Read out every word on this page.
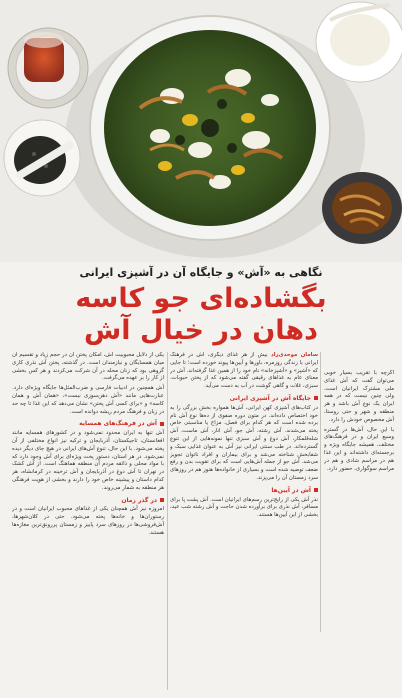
نگاهی به «آش» و جایگاه آن در آشپزی ایرانی
بگشاده‌ای جو کاسه
دهان در خیال آش

اگرچه با تقریب بسیار خوبی می‌توان گفت که آش غذای ملی مشترک ایرانیان است، ولی چنین نیست که در همه ایران یک نوع آش باشد و هر منطقه و شهر و حتی روستا، آش مخصوص خودش را دارد.

با این حال، آش‌ها در گستره وسیع ایران و در فرهنگ‌های مختلف، همیشه جایگاه ویژه و برجسته‌ای داشته‌اند و این غذا هم در مراسم شادی و هم در مراسم سوگواری، حضور دارد.

سامان موحدی‌راد بیش از هر غذای دیگری، آش در فرهنگ ایرانی با زندگی روزمره، باورها و آیین‌ها پیوند خورده است؛ تا جایی که «آشپز» و «آشپزخانه» نام خود را از همین غذا گرفته‌اند. آش در معنای عام به غذاهای رقیقی گفته می‌شود که از پختن حبوبات، سبزی، غلات و گاهی گوشت در آب به دست می‌آید.

جایگاه آش در آشپزی ایرانی

در کتاب‌های آشپزی کهن ایرانی، آش‌ها همواره بخش بزرگی را به خود اختصاص داده‌اند. در متون دوره صفوی از ده‌ها نوع آش نام برده شده است که هر کدام برای فصل، مزاج یا مناسبتی خاص پخته می‌شدند. آش رشته، آش جو، آش انار، آش ماست، آش شله‌قلمکار، آش دوغ و آش سبزی تنها نمونه‌هایی از این تنوع گسترده‌اند. در طب سنتی ایرانی نیز آش به عنوان غذایی سبک و شفابخش شناخته می‌شد و برای بیماران و افراد ناتوان تجویز می‌شد. آش جو از جمله آش‌هایی است که برای تقویت بدن و رفع ضعف توصیه شده است و بسیاری از خانواده‌ها هنوز هم در روزهای سرد زمستان آن را می‌پزند.

آش در آیین‌ها

نذر آش یکی از رایج‌ترین رسم‌های ایرانیان است. آش پشت پا برای مسافر، آش نذری برای برآورده شدن حاجت و آش رشته شب عید، بخشی از این آیین‌ها هستند.

یکی از دلایل محبوبیت آش، امکان پختن آن در حجم زیاد و تقسیم آن میان همسایگان و نیازمندان است. در گذشته، پختن آش نذری کاری گروهی بود که زنان محله در آن شرکت می‌کردند و هر کس بخشی از کار را بر عهده می‌گرفت.

آش همچنین در ادبیات فارسی و ضرب‌المثل‌ها جایگاه ویژه‌ای دارد. عبارت‌هایی مانند «آش دهن‌سوزی نیست»، «همان آش و همان کاسه» و «برای کسی آش پختن» نشان می‌دهد که این غذا تا چه حد در زبان و فرهنگ مردم ریشه دوانده است.

آش در فرهنگ‌های همسایه

آش تنها به ایران محدود نمی‌شود و در کشورهای همسایه مانند افغانستان، تاجیکستان، آذربایجان و ترکیه نیز انواع مختلفی از آن پخته می‌شود. با این حال، تنوع آش‌های ایرانی در هیچ جای دیگر دیده نمی‌شود. در هر استان، دستور پخت ویژه‌ای برای آش وجود دارد که با مواد محلی و ذائقه مردم آن منطقه هماهنگ است. از آش کشک در تهران تا آش دوغ در آذربایجان و آش ترخینه در کرمانشاه، هر کدام داستان و پیشینه خاص خود را دارند و بخشی از هویت فرهنگی هر منطقه به شمار می‌روند.

در گذر زمان

امروزه نیز آش همچنان یکی از غذاهای محبوب ایرانیان است و در رستوران‌ها و خانه‌ها پخته می‌شود. حتی در کلان‌شهرها، آش‌فروشی‌ها در روزهای سرد پاییز و زمستان پررونق‌ترین مغازه‌ها هستند.
